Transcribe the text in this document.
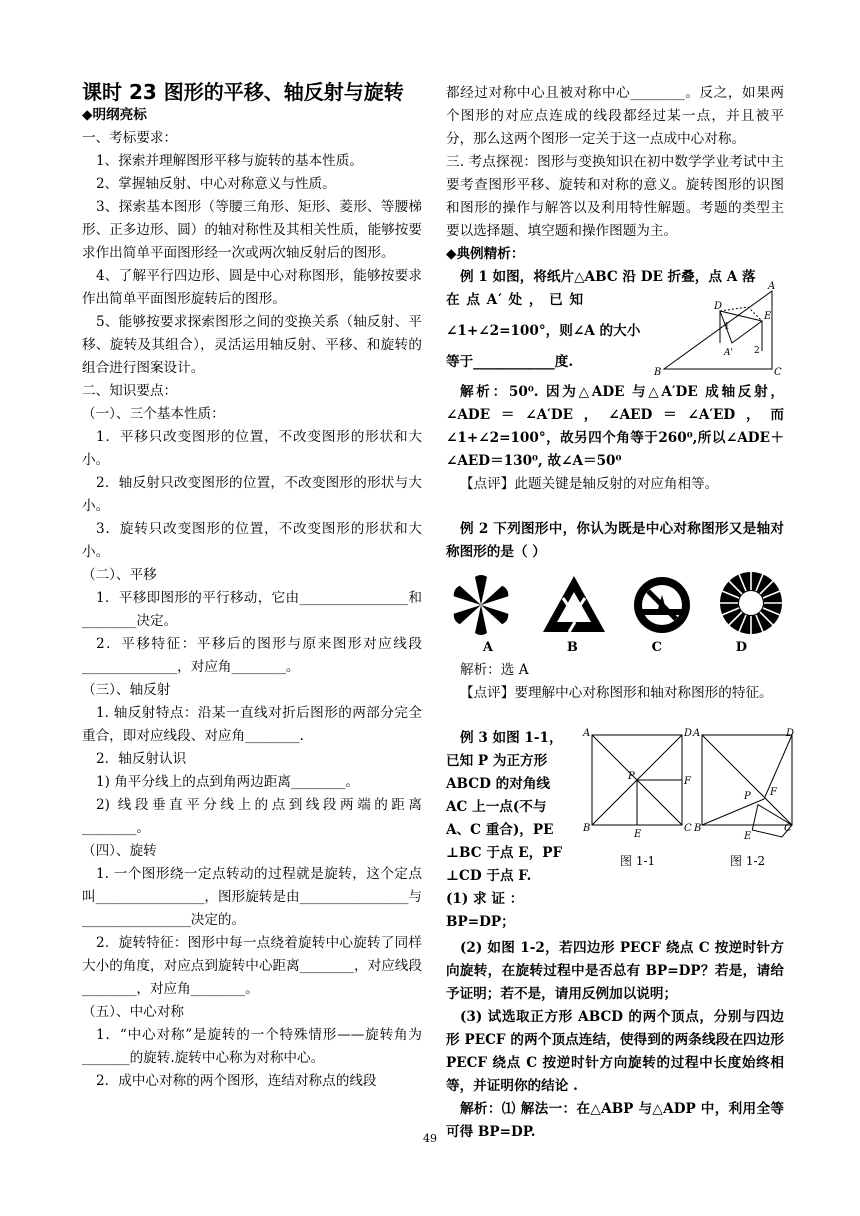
课时 23 图形的平移、轴反射与旋转

◆明纲亮标

一、考标要求：

1、探索并理解图形平移与旋转的基本性质。

2、掌握轴反射、中心对称意义与性质。

3、探索基本图形（等腰三角形、矩形、菱形、等腰梯形、正多边形、圆）的轴对称性及其相关性质，能够按要求作出简单平面图形经一次或两次轴反射后的图形。

4、了解平行四边形、圆是中心对称图形，能够按要求作出简单平面图形旋转后的图形。

5、能够按要求探索图形之间的变换关系（轴反射、平移、旋转及其组合），灵活运用轴反射、平移、和旋转的组合进行图案设计。

二、知识要点：

（一）、三个基本性质：

1．平移只改变图形的位置，不改变图形的形状和大小。

2．轴反射只改变图形的位置，不改变图形的形状与大小。

3．旋转只改变图形的位置，不改变图形的形状和大小。

（二）、平移

1．平移即图形的平行移动，它由________________和________决定。

2．平移特征：平移后的图形与原来图形对应线段______________，对应角________。

（三）、轴反射

1. 轴反射特点：沿某一直线对折后图形的两部分完全重合，即对应线段、对应角________.

2．轴反射认识

1) 角平分线上的点到角两边距离________。

2) 线段垂直平分线上的点到线段两端的距离________。

（四）、旋转

1. 一个图形绕一定点转动的过程就是旋转，这个定点叫________________，图形旋转是由________________与________________决定的。

2．旋转特征：图形中每一点绕着旋转中心旋转了同样大小的角度，对应点到旋转中心距离________，对应线段________，对应角________。

（五）、中心对称

1．“中心对称”是旋转的一个特殊情形——旋转角为_______的旋转.旋转中心称为对称中心。

2．成中心对称的两个图形，连结对称点的线段

都经过对称中心且被对称中心________。反之，如果两个图形的对应点连成的线段都经过某一点，并且被平分，那么这两个图形一定关于这一点成中心对称。

三. 考点探视：图形与变换知识在初中数学学业考试中主要考查图形平移、旋转和对称的意义。旋转图形的识图和图形的操作与解答以及利用特性解题。考题的类型主要以选择题、填空题和操作图题为主。

◆典例精析：

例 1 如图，将纸片△ABC 沿 DE 折叠，点 A 落

在 点 A′ 处 ， 已 知

∠1+∠2=100°，则∠A 的大小

等于____________度.

A
D
E
A'
1
2
B	C

解析：50⁰. 因为△ADE 与△A′DE 成轴反射，∠ADE＝∠A′DE，∠AED＝∠A′ED，而∠1+∠2=100°，故另四个角等于260⁰,所以∠ADE＋∠AED＝130⁰, 故∠A＝50⁰

【点评】此题关键是轴反射的对应角相等。

例 2 下列图形中，你认为既是中心对称图形又是轴对称图形的是（ ）

A	B	C	D

解析：选 A

【点评】要理解中心对称图形和轴对称图形的特征。

例 3 如图 1-1，

已知 P 为正方形

ABCD 的对角线

AC 上一点(不与

A、C 重合)，PE

⊥BC 于点 E，PF

⊥CD 于点 F.

(1) 求 证 ：

BP=DP；

A	D
B	C
P
E
F
A	D
B	C
P
E
F
图 1-1	图 1-2

(2) 如图 1-2，若四边形 PECF 绕点 C 按逆时针方向旋转，在旋转过程中是否总有 BP=DP？若是，请给予证明；若不是，请用反例加以说明；

(3) 试选取正方形 ABCD 的两个顶点，分别与四边形 PECF 的两个顶点连结，使得到的两条线段在四边形 PECF 绕点 C 按逆时针方向旋转的过程中长度始终相等，并证明你的结论 .

解析：⑴ 解法一：在△ABP 与△ADP 中，利用全等可得 BP=DP.

49
